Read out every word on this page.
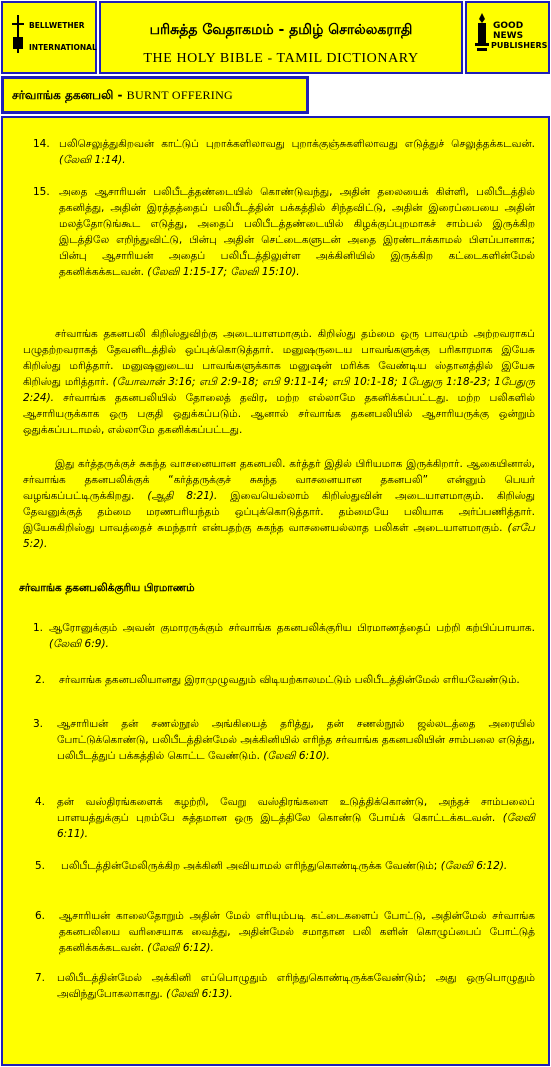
BELLWETHER
INTERNATIONAL
பரிசுத்த வேதாகமம் - தமிழ் சொல்லகராதி
THE HOLY BIBLE - TAMIL DICTIONARY
GOOD NEWS
PUBLISHERS
சர்வாங்க தகனபலி - BURNT OFFERING
14. பலிசெலுத்துகிறவன் காட்டுப் புறாக்களிலாவது புறாக்குஞ்சுகளிலாவது எடுத்துச் செலுத்தக்கடவன். (லேவி 1:14).

15. அதை ஆசாரியன் பலிபீடத்தண்டையில் கொண்டுவந்து, அதின் தலையைக் கிள்ளி, பலிபீடத்தில் தகனித்து, அதின் இரத்தத்தைப் பலிபீடத்தின் பக்கத்தில் சிந்தவிட்டு, அதின் இரைப்பையை அதின் மலத்தோடுங்கூட எடுத்து, அதைப் பலிபீடத்தண்டையில் கிழக்குப்புறமாகச் சாம்பல் இருக்கிற இடத்திலே எறிந்துவிட்டு, பின்பு அதின் செட்டைகளுடன் அதை இரண்டாக்காமல் பிளப்பானாக; பின்பு ஆசாரியன் அதைப் பலிபீடத்திலுள்ள அக்கினியில் இருக்கிற கட்டைகளின்மேல் தகனிக்கக்கடவன். (லேவி 1:15-17; லேவி 15:10).

சர்வாங்க தகனபலி கிறிஸ்துவிற்கு அடையாளமாகும். கிறிஸ்து தம்மை ஒரு பாவமும் அற்றவராகப் பழுதற்றவராகத் தேவனிடத்தில் ஒப்புக்கொடுத்தார். மனுஷருடைய பாவங்களுக்கு பரிகாரமாக இயேசு கிறிஸ்து மரித்தார். மனுஷனுடைய பாவங்களுக்காக மனுஷன் மரிக்க வேண்டிய ஸ்தானத்தில் இயேசு கிறிஸ்து மரித்தார். (யோவான் 3:16; எபி 2:9-18; எபி 9:11-14; எபி 10:1-18; 1பேதுரு 1:18-23; 1பேதுரு 2:24). சர்வாங்க தகனபலியில் தோலைத் தவிர, மற்ற எல்லாமே தகனிக்கப்பட்டது. மற்ற பலிகளில் ஆசாரியருக்காக ஒரு பகுதி ஒதுக்கப்படும். ஆனால் சர்வாங்க தகனபலியில் ஆசாரியருக்கு ஒன்றும் ஒதுக்கப்படாமல், எல்லாமே தகனிக்கப்பட்டது.

இது கர்த்தருக்குச் சுகந்த வாசனையான தகனபலி. கர்த்தர் இதில் பிரியமாக இருக்கிறார். ஆகையினால், சர்வாங்க தகனபலிக்குக் “கர்த்தருக்குச் சுகந்த வாசனையான தகனபலி” என்னும் பெயர் வழங்கப்பட்டிருக்கிறது. (ஆதி 8:21). இவையெல்லாம் கிறிஸ்துவின் அடையாளமாகும். கிறிஸ்து தேவனுக்குத் தம்மை மரணபரியந்தம் ஒப்புக்கொடுத்தார். தம்மையே பலியாக அர்ப்பணித்தார். இயேசுகிறிஸ்து பாவத்தைச் சுமந்தார் என்பதற்கு சுகந்த வாசனையல்லாத பலிகள் அடையாளமாகும். (எபே 5:2).

சர்வாங்க தகனபலிக்குரிய பிரமாணம்
1. ஆரோனுக்கும் அவன் குமாரருக்கும் சர்வாங்க தகனபலிக்குரிய பிரமாணத்தைப் பற்றி கற்பிப்பாயாக. (லேவி 6:9).

2. சர்வாங்க தகனபலியானது இராமுழுவதும் விடியற்காலமட்டும் பலிபீடத்தின்மேல் எரியவேண்டும்.

3. ஆசாரியன் தன் சணல்நூல் அங்கியைத் தரித்து, தன் சணல்நூல் ஜல்லடத்தை அரையில் போட்டுக்கொண்டு, பலிபீடத்தின்மேல் அக்கினியில் எரிந்த சர்வாங்க தகனபலியின் சாம்பலை எடுத்து, பலிபீடத்துப் பக்கத்தில் கொட்ட வேண்டும். (லேவி 6:10).

4. தன் வஸ்திரங்களைக் கழற்றி, வேறு வஸ்திரங்களை உடுத்திக்கொண்டு, அந்தச் சாம்பலைப் பாளயத்துக்குப் புறம்பே சுத்தமான ஒரு இடத்திலே கொண்டு போய்க் கொட்டக்கடவன். (லேவி 6:11).

5. பலிபீடத்தின்மேலிருக்கிற அக்கினி அவியாமல் எரிந்துகொண்டிருக்க வேண்டும்; (லேவி 6:12).

6. ஆசாரியன் காலைதோறும் அதின் மேல் எரியும்படி கட்டைகளைப் போட்டு, அதின்மேல் சர்வாங்க தகனபலியை வரிசையாக வைத்து, அதின்மேல் சமாதான பலி களின் கொழுப்பைப் போட்டுத் தகனிக்கக்கடவன். (லேவி 6:12).

7. பலிபீடத்தின்மேல் அக்கினி எப்பொழுதும் எரிந்துகொண்டிருக்கவேண்டும்; அது ஒருபொழுதும் அவிந்துபோகலாகாது. (லேவி 6:13).
